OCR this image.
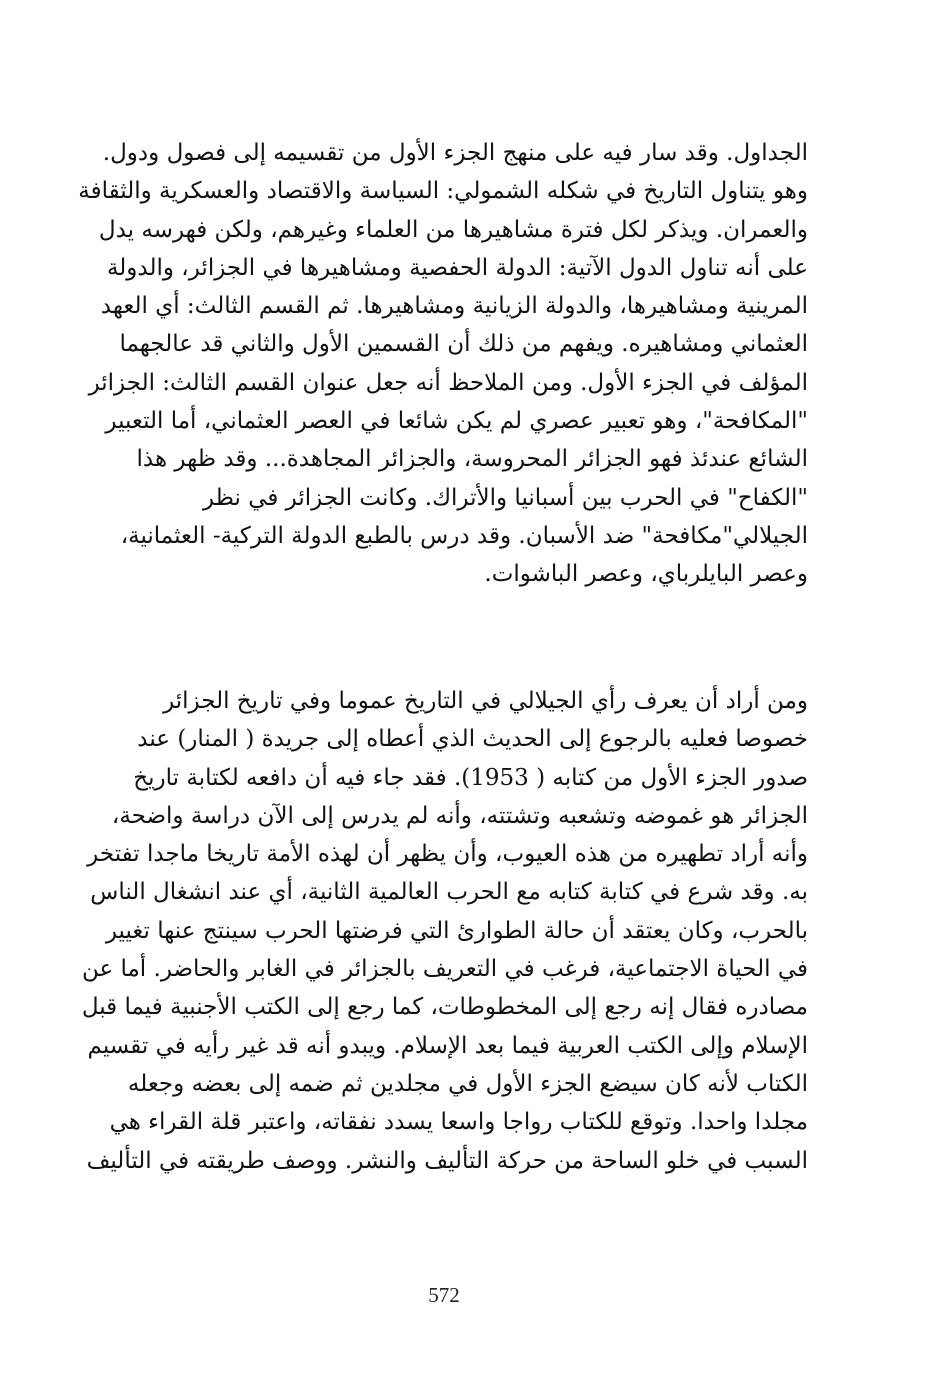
الجداول. وقد سار فيه على منهج الجزء الأول من تقسيمه إلى فصول ودول.
وهو يتناول التاريخ في شكله الشمولي: السياسة والاقتصاد والعسكرية والثقافة
والعمران. ويذكر لكل فترة مشاهيرها من العلماء وغيرهم، ولكن فهرسه يدل
على أنه تناول الدول الآتية: الدولة الحفصية ومشاهيرها في الجزائر، والدولة
المرينية ومشاهيرها، والدولة الزيانية ومشاهيرها. ثم القسم الثالث: أي العهد
العثماني ومشاهيره. ويفهم من ذلك أن القسمين الأول والثاني قد عالجهما
المؤلف في الجزء الأول. ومن الملاحظ أنه جعل عنوان القسم الثالث: الجزائر
"المكافحة"، وهو تعبير عصري لم يكن شائعا في العصر العثماني، أما التعبير
الشائع عندئذ فهو الجزائر المحروسة، والجزائر المجاهدة... وقد ظهر هذا
"الكفاح" في الحرب بين أسبانيا والأتراك. وكانت الجزائر في نظر
الجيلالي"مكافحة" ضد الأسبان. وقد درس بالطبع الدولة التركية- العثمانية،
وعصر البايلرباي، وعصر الباشوات.
ومن أراد أن يعرف رأي الجيلالي في التاريخ عموما وفي تاريخ الجزائر
خصوصا فعليه بالرجوع إلى الحديث الذي أعطاه إلى جريدة ( المنار) عند
صدور الجزء الأول من كتابه ( 1953). فقد جاء فيه أن دافعه لكتابة تاريخ
الجزائر هو غموضه وتشعبه وتشتته، وأنه لم يدرس إلى الآن دراسة واضحة،
وأنه أراد تطهيره من هذه العيوب، وأن يظهر أن لهذه الأمة تاريخا ماجدا تفتخر
به. وقد شرع في كتابة كتابه مع الحرب العالمية الثانية، أي عند انشغال الناس
بالحرب، وكان يعتقد أن حالة الطوارئ التي فرضتها الحرب سينتج عنها تغيير
في الحياة الاجتماعية، فرغب في التعريف بالجزائر في الغابر والحاضر. أما عن
مصادره فقال إنه رجع إلى المخطوطات، كما رجع إلى الكتب الأجنبية فيما قبل
الإسلام وإلى الكتب العربية فيما بعد الإسلام. ويبدو أنه قد غير رأيه في تقسيم
الكتاب لأنه كان سيضع الجزء الأول في مجلدين ثم ضمه إلى بعضه وجعله
مجلدا واحدا. وتوقع للكتاب رواجا واسعا يسدد نفقاته، واعتبر قلة القراء هي
السبب في خلو الساحة من حركة التأليف والنشر. ووصف طريقته في التأليف
572
